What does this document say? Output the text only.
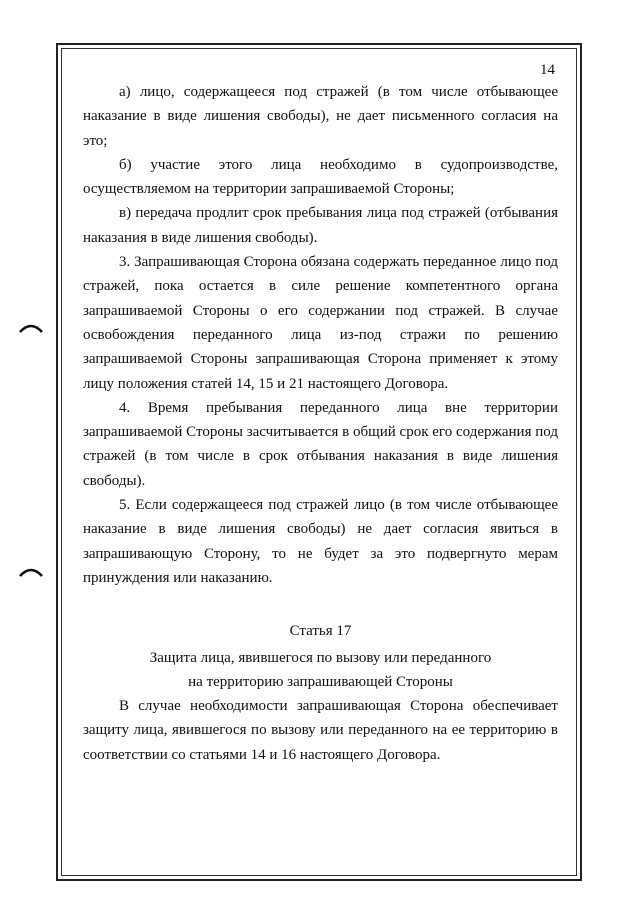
14

а) лицо, содержащееся под стражей (в том числе отбывающее наказание в виде лишения свободы), не дает письменного согласия на это;

б) участие этого лица необходимо в судопроизводстве, осуществляемом на территории запрашиваемой Стороны;

в) передача продлит срок пребывания лица под стражей (отбывания наказания в виде лишения свободы).

3. Запрашивающая Сторона обязана содержать переданное лицо под стражей, пока остается в силе решение компетентного органа запрашиваемой Стороны о его содержании под стражей. В случае освобождения переданного лица из-под стражи по решению запрашиваемой Стороны запрашивающая Сторона применяет к этому лицу положения статей 14, 15 и 21 настоящего Договора.

4. Время пребывания переданного лица вне территории запрашиваемой Стороны засчитывается в общий срок его содержания под стражей (в том числе в срок отбывания наказания в виде лишения свободы).

5. Если содержащееся под стражей лицо (в том числе отбывающее наказание в виде лишения свободы) не дает согласия явиться в запрашивающую Сторону, то не будет за это подвергнуто мерам принуждения или наказанию.

Статья 17
Защита лица, явившегося по вызову или переданного
на территорию запрашивающей Стороны

В случае необходимости запрашивающая Сторона обеспечивает защиту лица, явившегося по вызову или переданного на ее территорию в соответствии со статьями 14 и 16 настоящего Договора.
